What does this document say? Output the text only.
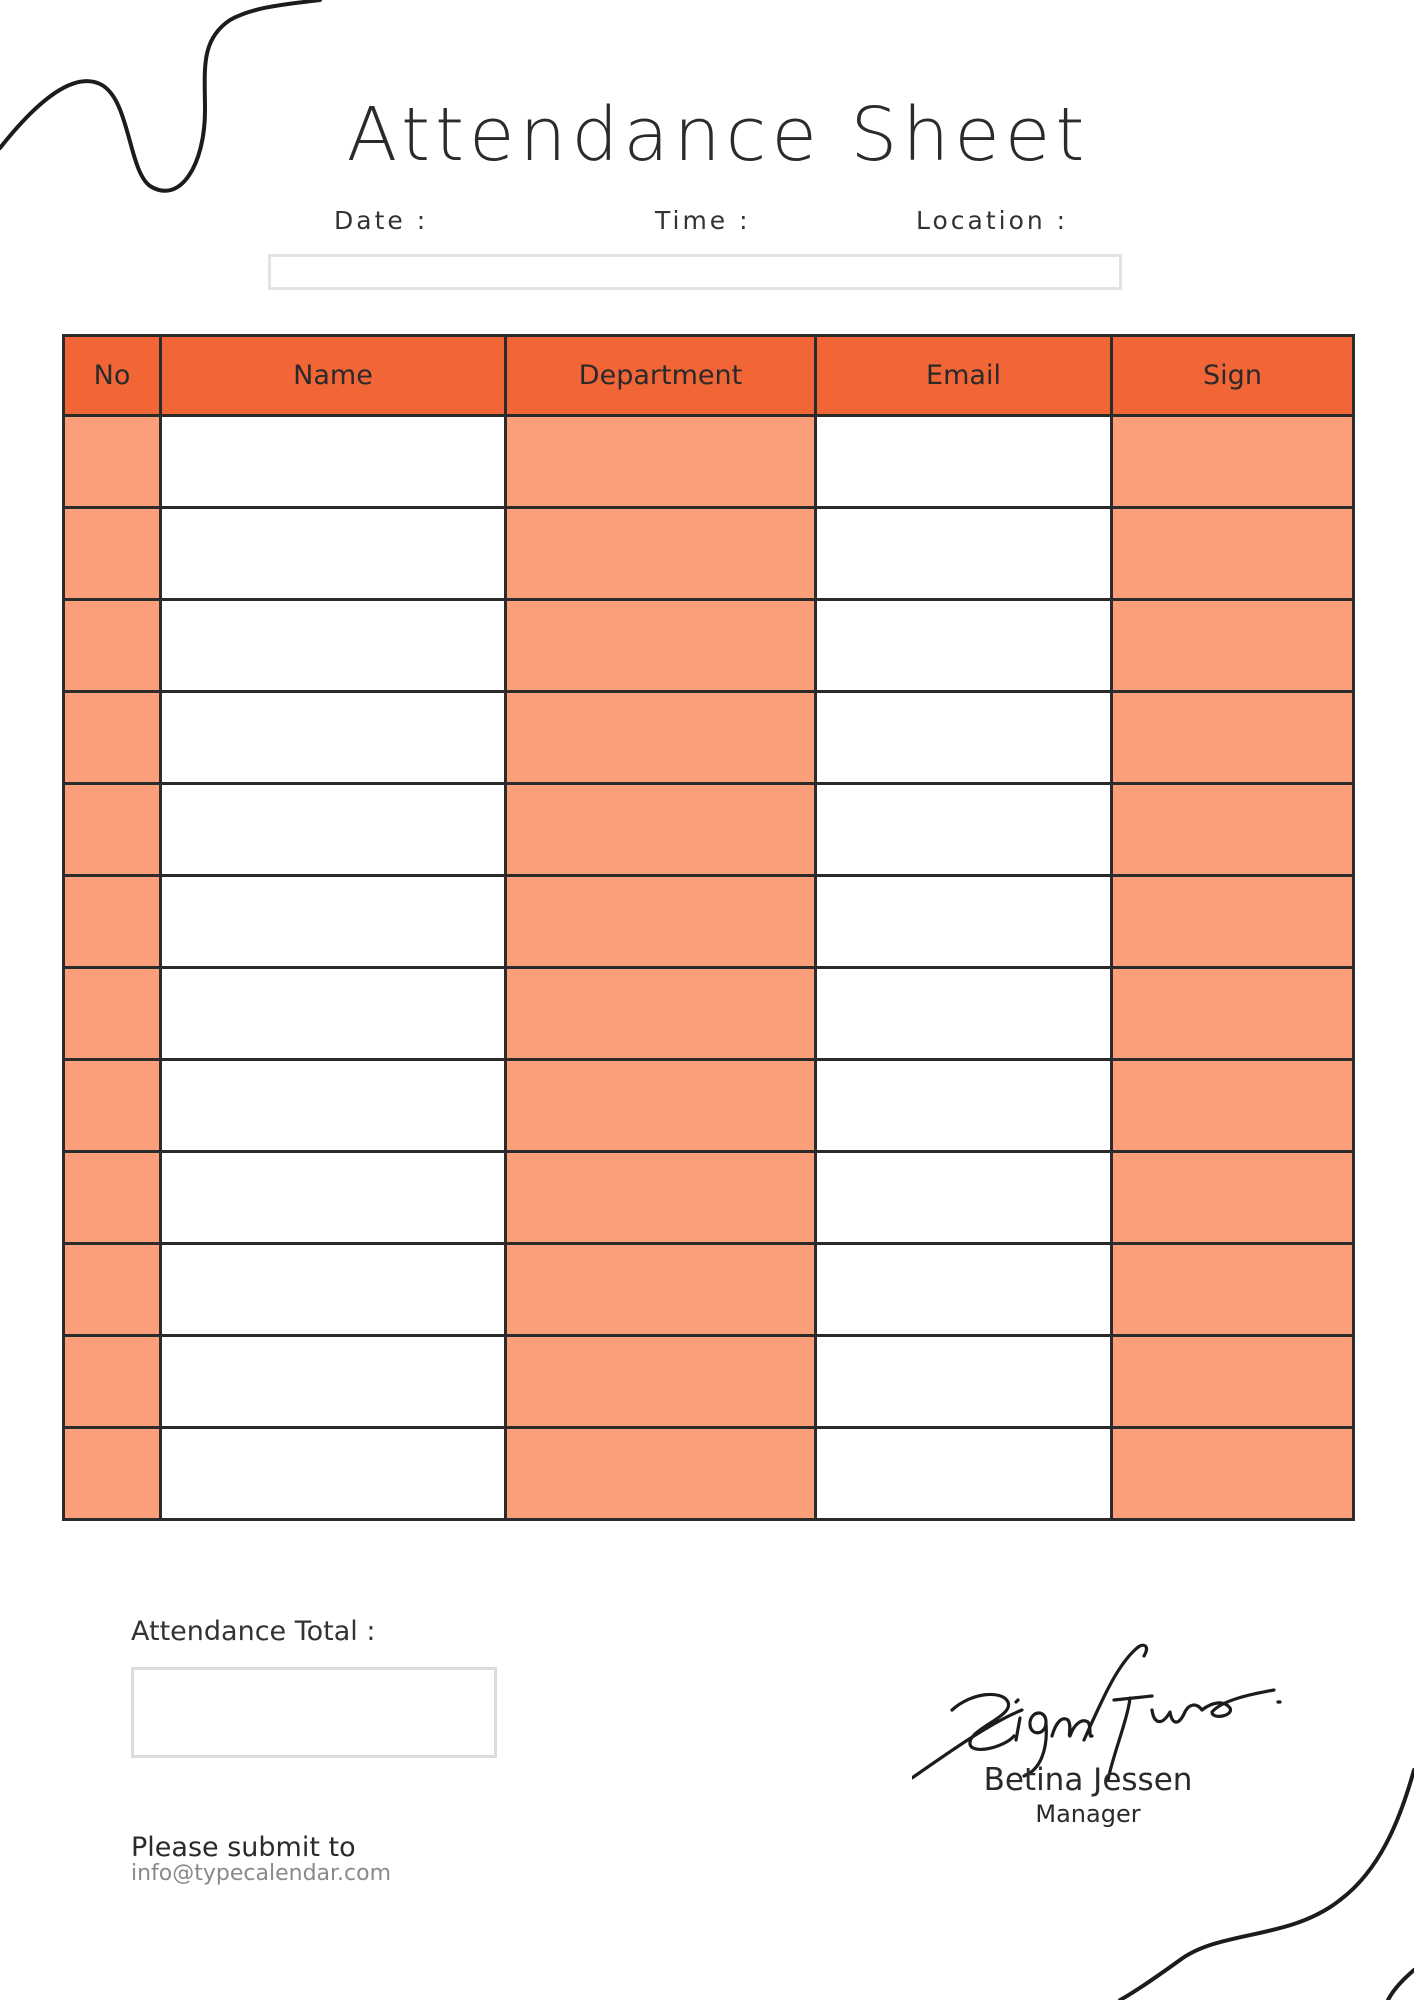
Attendance Sheet
Date :	Time :	Location :
No	Name	Department	Email	Sign

Attendance Total :
Please submit to
info@typecalendar.com
Betina Jessen
Manager
